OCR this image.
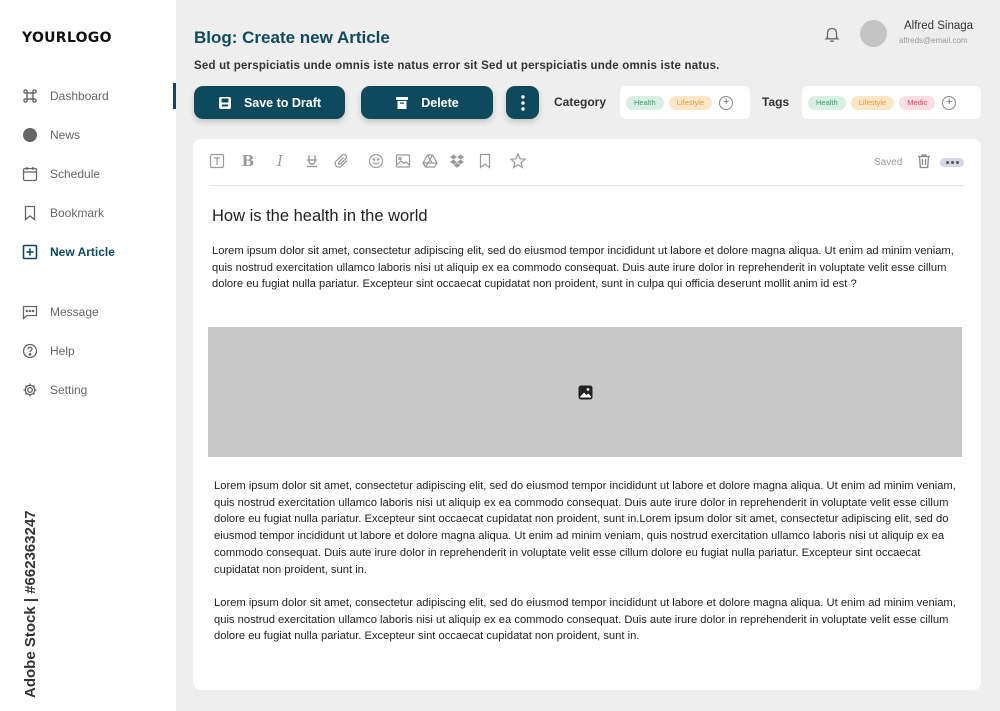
YOURLOGO
Dashboard
News
Schedule
Bookmark
New Article
Message
Help
Setting
Adobe Stock | #662363247
Blog: Create new Article
Sed ut perspiciatis unde omnis iste natus error sit Sed ut perspiciatis unde omnis iste natus.
Alfred Sinaga
alfreds@email.com
Save to Draft	Delete	Category	Health	Lifestyle	+	Tags	Health	Lifestyle	Medic	+
B	I	Saved
How is the health in the world
Lorem ipsum dolor sit amet, consectetur adipiscing elit, sed do eiusmod tempor incididunt ut labore et dolore magna aliqua. Ut enim ad minim veniam, quis nostrud exercitation ullamco laboris nisi ut aliquip ex ea commodo consequat. Duis aute irure dolor in reprehenderit in voluptate velit esse cillum dolore eu fugiat nulla pariatur. Excepteur sint occaecat cupidatat non proident, sunt in culpa qui officia deserunt mollit anim id est ?
Lorem ipsum dolor sit amet, consectetur adipiscing elit, sed do eiusmod tempor incididunt ut labore et dolore magna aliqua. Ut enim ad minim veniam, quis nostrud exercitation ullamco laboris nisi ut aliquip ex ea commodo consequat. Duis aute irure dolor in reprehenderit in voluptate velit esse cillum dolore eu fugiat nulla pariatur. Excepteur sint occaecat cupidatat non proident, sunt in.Lorem ipsum dolor sit amet, consectetur adipiscing elit, sed do eiusmod tempor incididunt ut labore et dolore magna aliqua. Ut enim ad minim veniam, quis nostrud exercitation ullamco laboris nisi ut aliquip ex ea commodo consequat. Duis aute irure dolor in reprehenderit in voluptate velit esse cillum dolore eu fugiat nulla pariatur. Excepteur sint occaecat cupidatat non proident, sunt in.
Lorem ipsum dolor sit amet, consectetur adipiscing elit, sed do eiusmod tempor incididunt ut labore et dolore magna aliqua. Ut enim ad minim veniam, quis nostrud exercitation ullamco laboris nisi ut aliquip ex ea commodo consequat. Duis aute irure dolor in reprehenderit in voluptate velit esse cillum dolore eu fugiat nulla pariatur. Excepteur sint occaecat cupidatat non proident, sunt in.
